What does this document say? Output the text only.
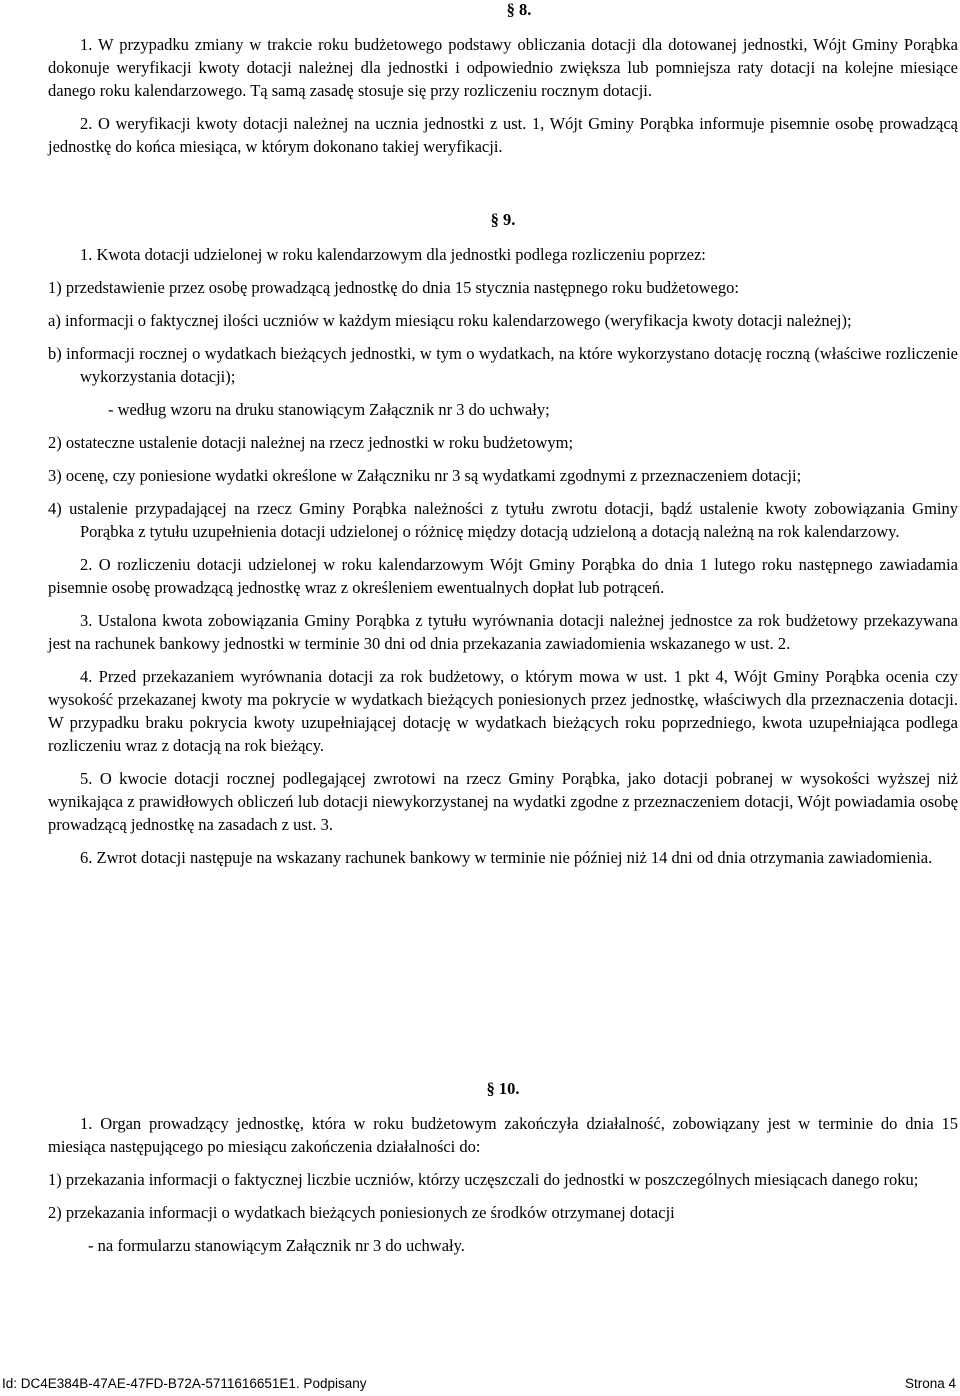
§ 8.

1. W przypadku zmiany w trakcie roku budżetowego podstawy obliczania dotacji dla dotowanej jednostki, Wójt Gminy Porąbka dokonuje weryfikacji kwoty dotacji należnej dla jednostki i odpowiednio zwiększa lub pomniejsza raty dotacji na kolejne miesiące danego roku kalendarzowego. Tą samą zasadę stosuje się przy rozliczeniu rocznym dotacji.

2. O weryfikacji kwoty dotacji należnej na ucznia jednostki z ust. 1, Wójt Gminy Porąbka informuje pisemnie osobę prowadzącą jednostkę do końca miesiąca, w którym dokonano takiej weryfikacji.

§ 9.

1. Kwota dotacji udzielonej w roku kalendarzowym dla jednostki podlega rozliczeniu poprzez:

1) przedstawienie przez osobę prowadzącą jednostkę do dnia 15 stycznia następnego roku budżetowego:

a) informacji o faktycznej ilości uczniów w każdym miesiącu roku kalendarzowego (weryfikacja kwoty dotacji należnej);

b) informacji rocznej o wydatkach bieżących jednostki, w tym o wydatkach, na które wykorzystano dotację roczną (właściwe rozliczenie wykorzystania dotacji);

- według wzoru na druku stanowiącym Załącznik nr 3 do uchwały;

2) ostateczne ustalenie dotacji należnej na rzecz jednostki w roku budżetowym;

3) ocenę, czy poniesione wydatki określone w Załączniku nr 3 są wydatkami zgodnymi z przeznaczeniem dotacji;

4) ustalenie przypadającej na rzecz Gminy Porąbka należności z tytułu zwrotu dotacji, bądź ustalenie kwoty zobowiązania Gminy Porąbka z tytułu uzupełnienia dotacji udzielonej o różnicę między dotacją udzieloną a dotacją należną na rok kalendarzowy.

2. O rozliczeniu dotacji udzielonej w roku kalendarzowym Wójt Gminy Porąbka do dnia 1 lutego roku następnego zawiadamia pisemnie osobę prowadzącą jednostkę wraz z określeniem ewentualnych dopłat lub potrąceń.

3. Ustalona kwota zobowiązania Gminy Porąbka z tytułu wyrównania dotacji należnej jednostce za rok budżetowy przekazywana jest na rachunek bankowy jednostki w terminie 30 dni od dnia przekazania zawiadomienia wskazanego w ust. 2.

4. Przed przekazaniem wyrównania dotacji za rok budżetowy, o którym mowa w ust. 1 pkt 4, Wójt Gminy Porąbka ocenia czy wysokość przekazanej kwoty ma pokrycie w wydatkach bieżących poniesionych przez jednostkę, właściwych dla przeznaczenia dotacji. W przypadku braku pokrycia kwoty uzupełniającej dotację w wydatkach bieżących roku poprzedniego, kwota uzupełniająca podlega rozliczeniu wraz z dotacją na rok bieżący.

5. O kwocie dotacji rocznej podlegającej zwrotowi na rzecz Gminy Porąbka, jako dotacji pobranej w wysokości wyższej niż wynikająca z prawidłowych obliczeń lub dotacji niewykorzystanej na wydatki zgodne z przeznaczeniem dotacji, Wójt powiadamia osobę prowadzącą jednostkę na zasadach z ust. 3.

6. Zwrot dotacji następuje na wskazany rachunek bankowy w terminie nie później niż 14 dni od dnia otrzymania zawiadomienia.

§ 10.

1. Organ prowadzący jednostkę, która w roku budżetowym zakończyła działalność, zobowiązany jest w terminie do dnia 15 miesiąca następującego po miesiącu zakończenia działalności do:

1) przekazania informacji o faktycznej liczbie uczniów, którzy uczęszczali do jednostki w poszczególnych miesiącach danego roku;

2) przekazania informacji o wydatkach bieżących poniesionych ze środków otrzymanej dotacji

- na formularzu stanowiącym Załącznik nr 3 do uchwały.

Id: DC4E384B-47AE-47FD-B72A-5711616651E1. Podpisany	Strona 4
